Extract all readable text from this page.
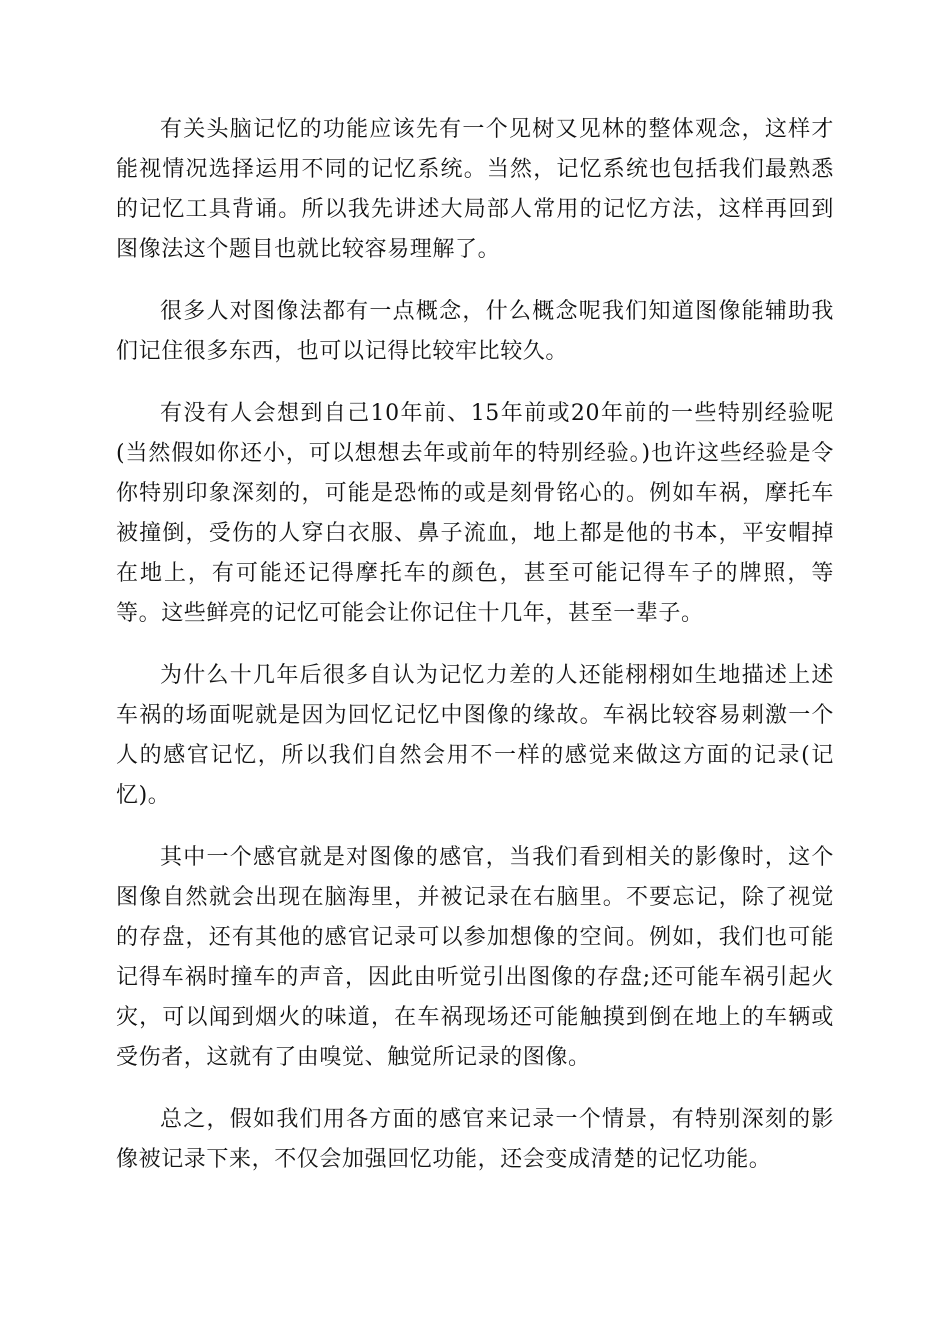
有关头脑记忆的功能应该先有一个见树又见林的整体观念，这样才能视情况选择运用不同的记忆系统。当然，记忆系统也包括我们最熟悉的记忆工具背诵。所以我先讲述大局部人常用的记忆方法，这样再回到图像法这个题目也就比较容易理解了。

很多人对图像法都有一点概念，什么概念呢我们知道图像能辅助我们记住很多东西，也可以记得比较牢比较久。

有没有人会想到自己10年前、15年前或20年前的一些特别经验呢(当然假如你还小，可以想想去年或前年的特别经验。)也许这些经验是令你特别印象深刻的，可能是恐怖的或是刻骨铭心的。例如车祸，摩托车被撞倒，受伤的人穿白衣服、鼻子流血，地上都是他的书本，平安帽掉在地上，有可能还记得摩托车的颜色，甚至可能记得车子的牌照，等等。这些鲜亮的记忆可能会让你记住十几年，甚至一辈子。

为什么十几年后很多自认为记忆力差的人还能栩栩如生地描述上述车祸的场面呢就是因为回忆记忆中图像的缘故。车祸比较容易刺激一个人的感官记忆，所以我们自然会用不一样的感觉来做这方面的记录(记忆)。

其中一个感官就是对图像的感官，当我们看到相关的影像时，这个图像自然就会出现在脑海里，并被记录在右脑里。不要忘记，除了视觉的存盘，还有其他的感官记录可以参加想像的空间。例如，我们也可能记得车祸时撞车的声音，因此由听觉引出图像的存盘;还可能车祸引起火灾，可以闻到烟火的味道，在车祸现场还可能触摸到倒在地上的车辆或受伤者，这就有了由嗅觉、触觉所记录的图像。

总之，假如我们用各方面的感官来记录一个情景，有特别深刻的影像被记录下来，不仅会加强回忆功能，还会变成清楚的记忆功能。
